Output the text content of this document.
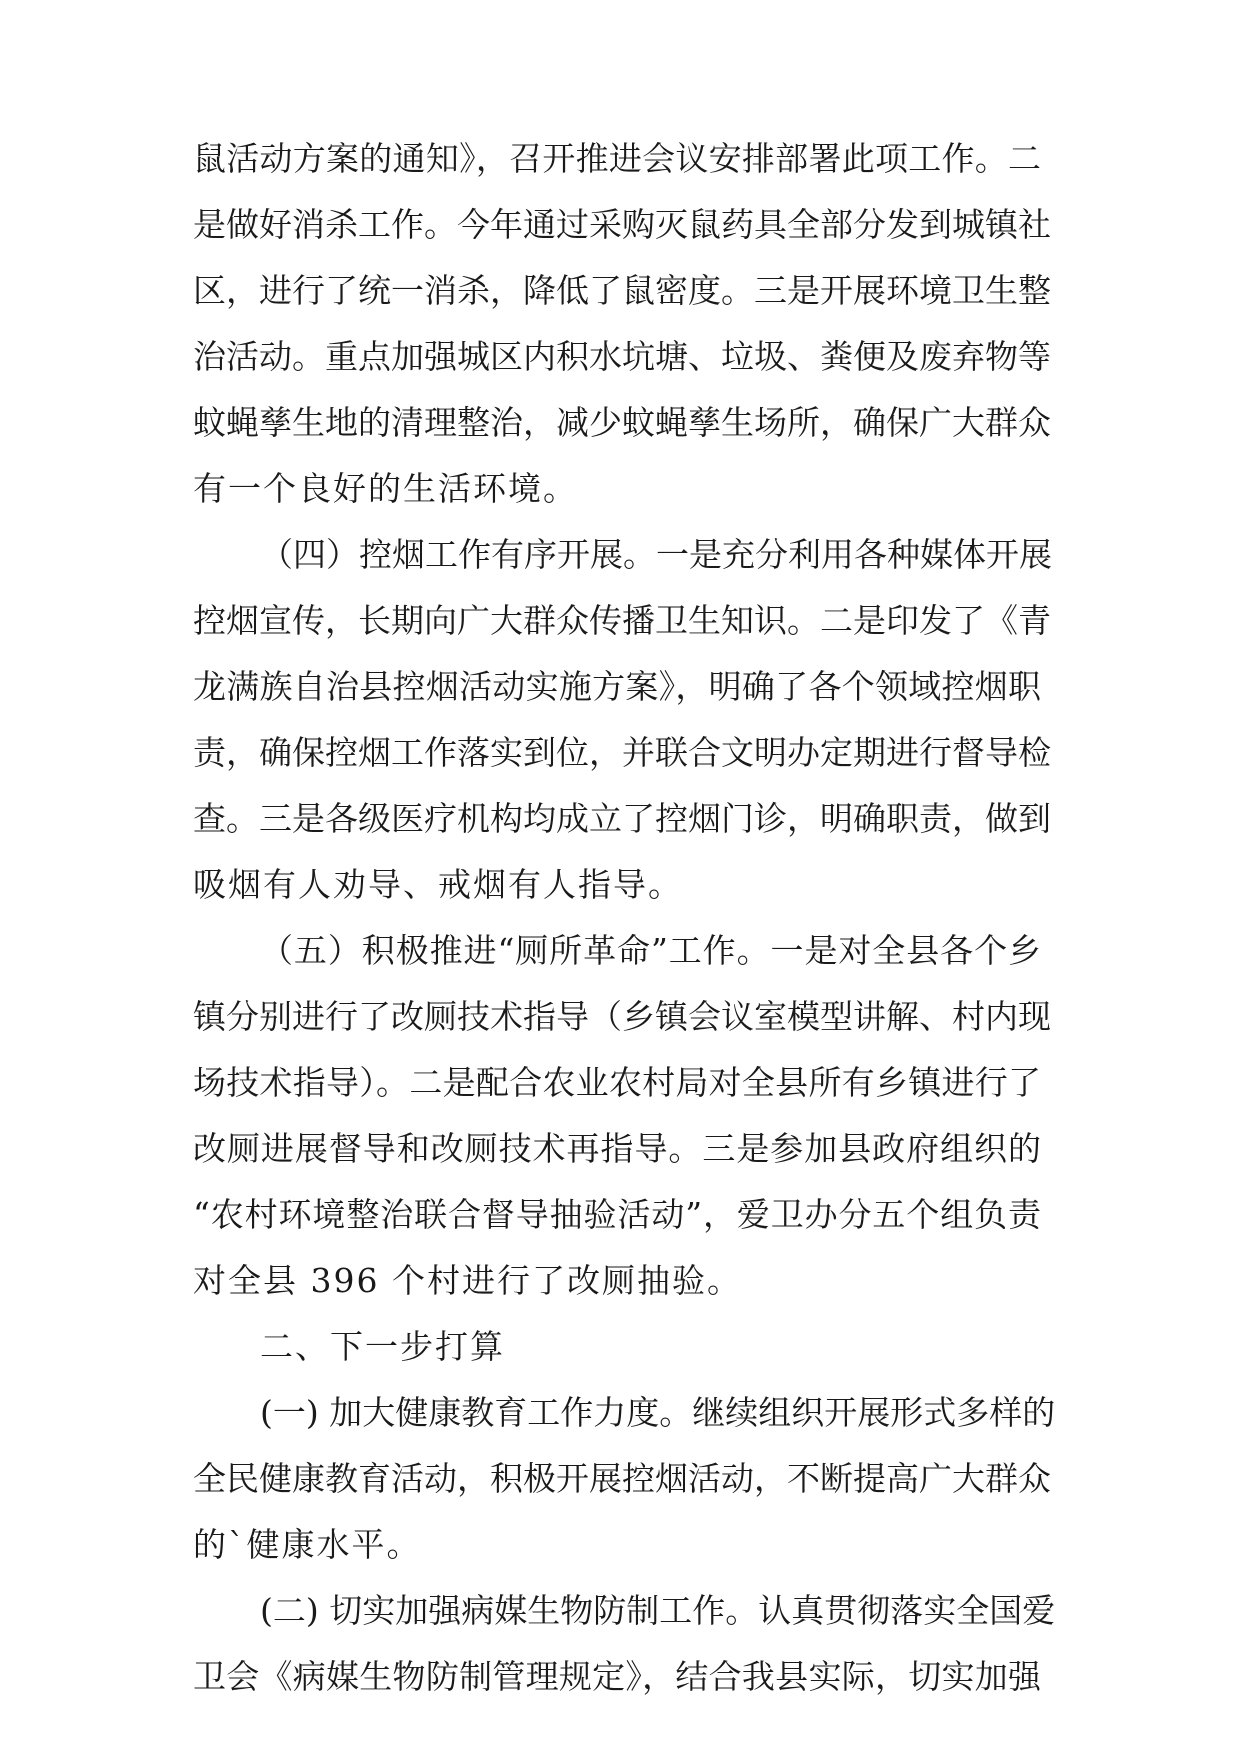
鼠活动方案的通知》，召开推进会议安排部署此项工作。二
是做好消杀工作。今年通过采购灭鼠药具全部分发到城镇社
区，进行了统一消杀，降低了鼠密度。三是开展环境卫生整
治活动。重点加强城区内积水坑塘、垃圾、粪便及废弃物等
蚊蝇孳生地的清理整治，减少蚊蝇孳生场所，确保广大群众
有一个良好的生活环境。
（四）控烟工作有序开展。一是充分利用各种媒体开展
控烟宣传，长期向广大群众传播卫生知识。二是印发了《青
龙满族自治县控烟活动实施方案》，明确了各个领域控烟职
责，确保控烟工作落实到位，并联合文明办定期进行督导检
查。三是各级医疗机构均成立了控烟门诊，明确职责，做到
吸烟有人劝导、戒烟有人指导。
（五）积极推进“厕所革命”工作。一是对全县各个乡
镇分别进行了改厕技术指导（乡镇会议室模型讲解、村内现
场技术指导）。二是配合农业农村局对全县所有乡镇进行了
改厕进展督导和改厕技术再指导。三是参加县政府组织的
“农村环境整治联合督导抽验活动”，爱卫办分五个组负责
对全县 396 个村进行了改厕抽验。
二、下一步打算
(一) 加大健康教育工作力度。继续组织开展形式多样的
全民健康教育活动，积极开展控烟活动，不断提高广大群众
的`健康水平。
(二) 切实加强病媒生物防制工作。认真贯彻落实全国爱
卫会《病媒生物防制管理规定》，结合我县实际，切实加强
